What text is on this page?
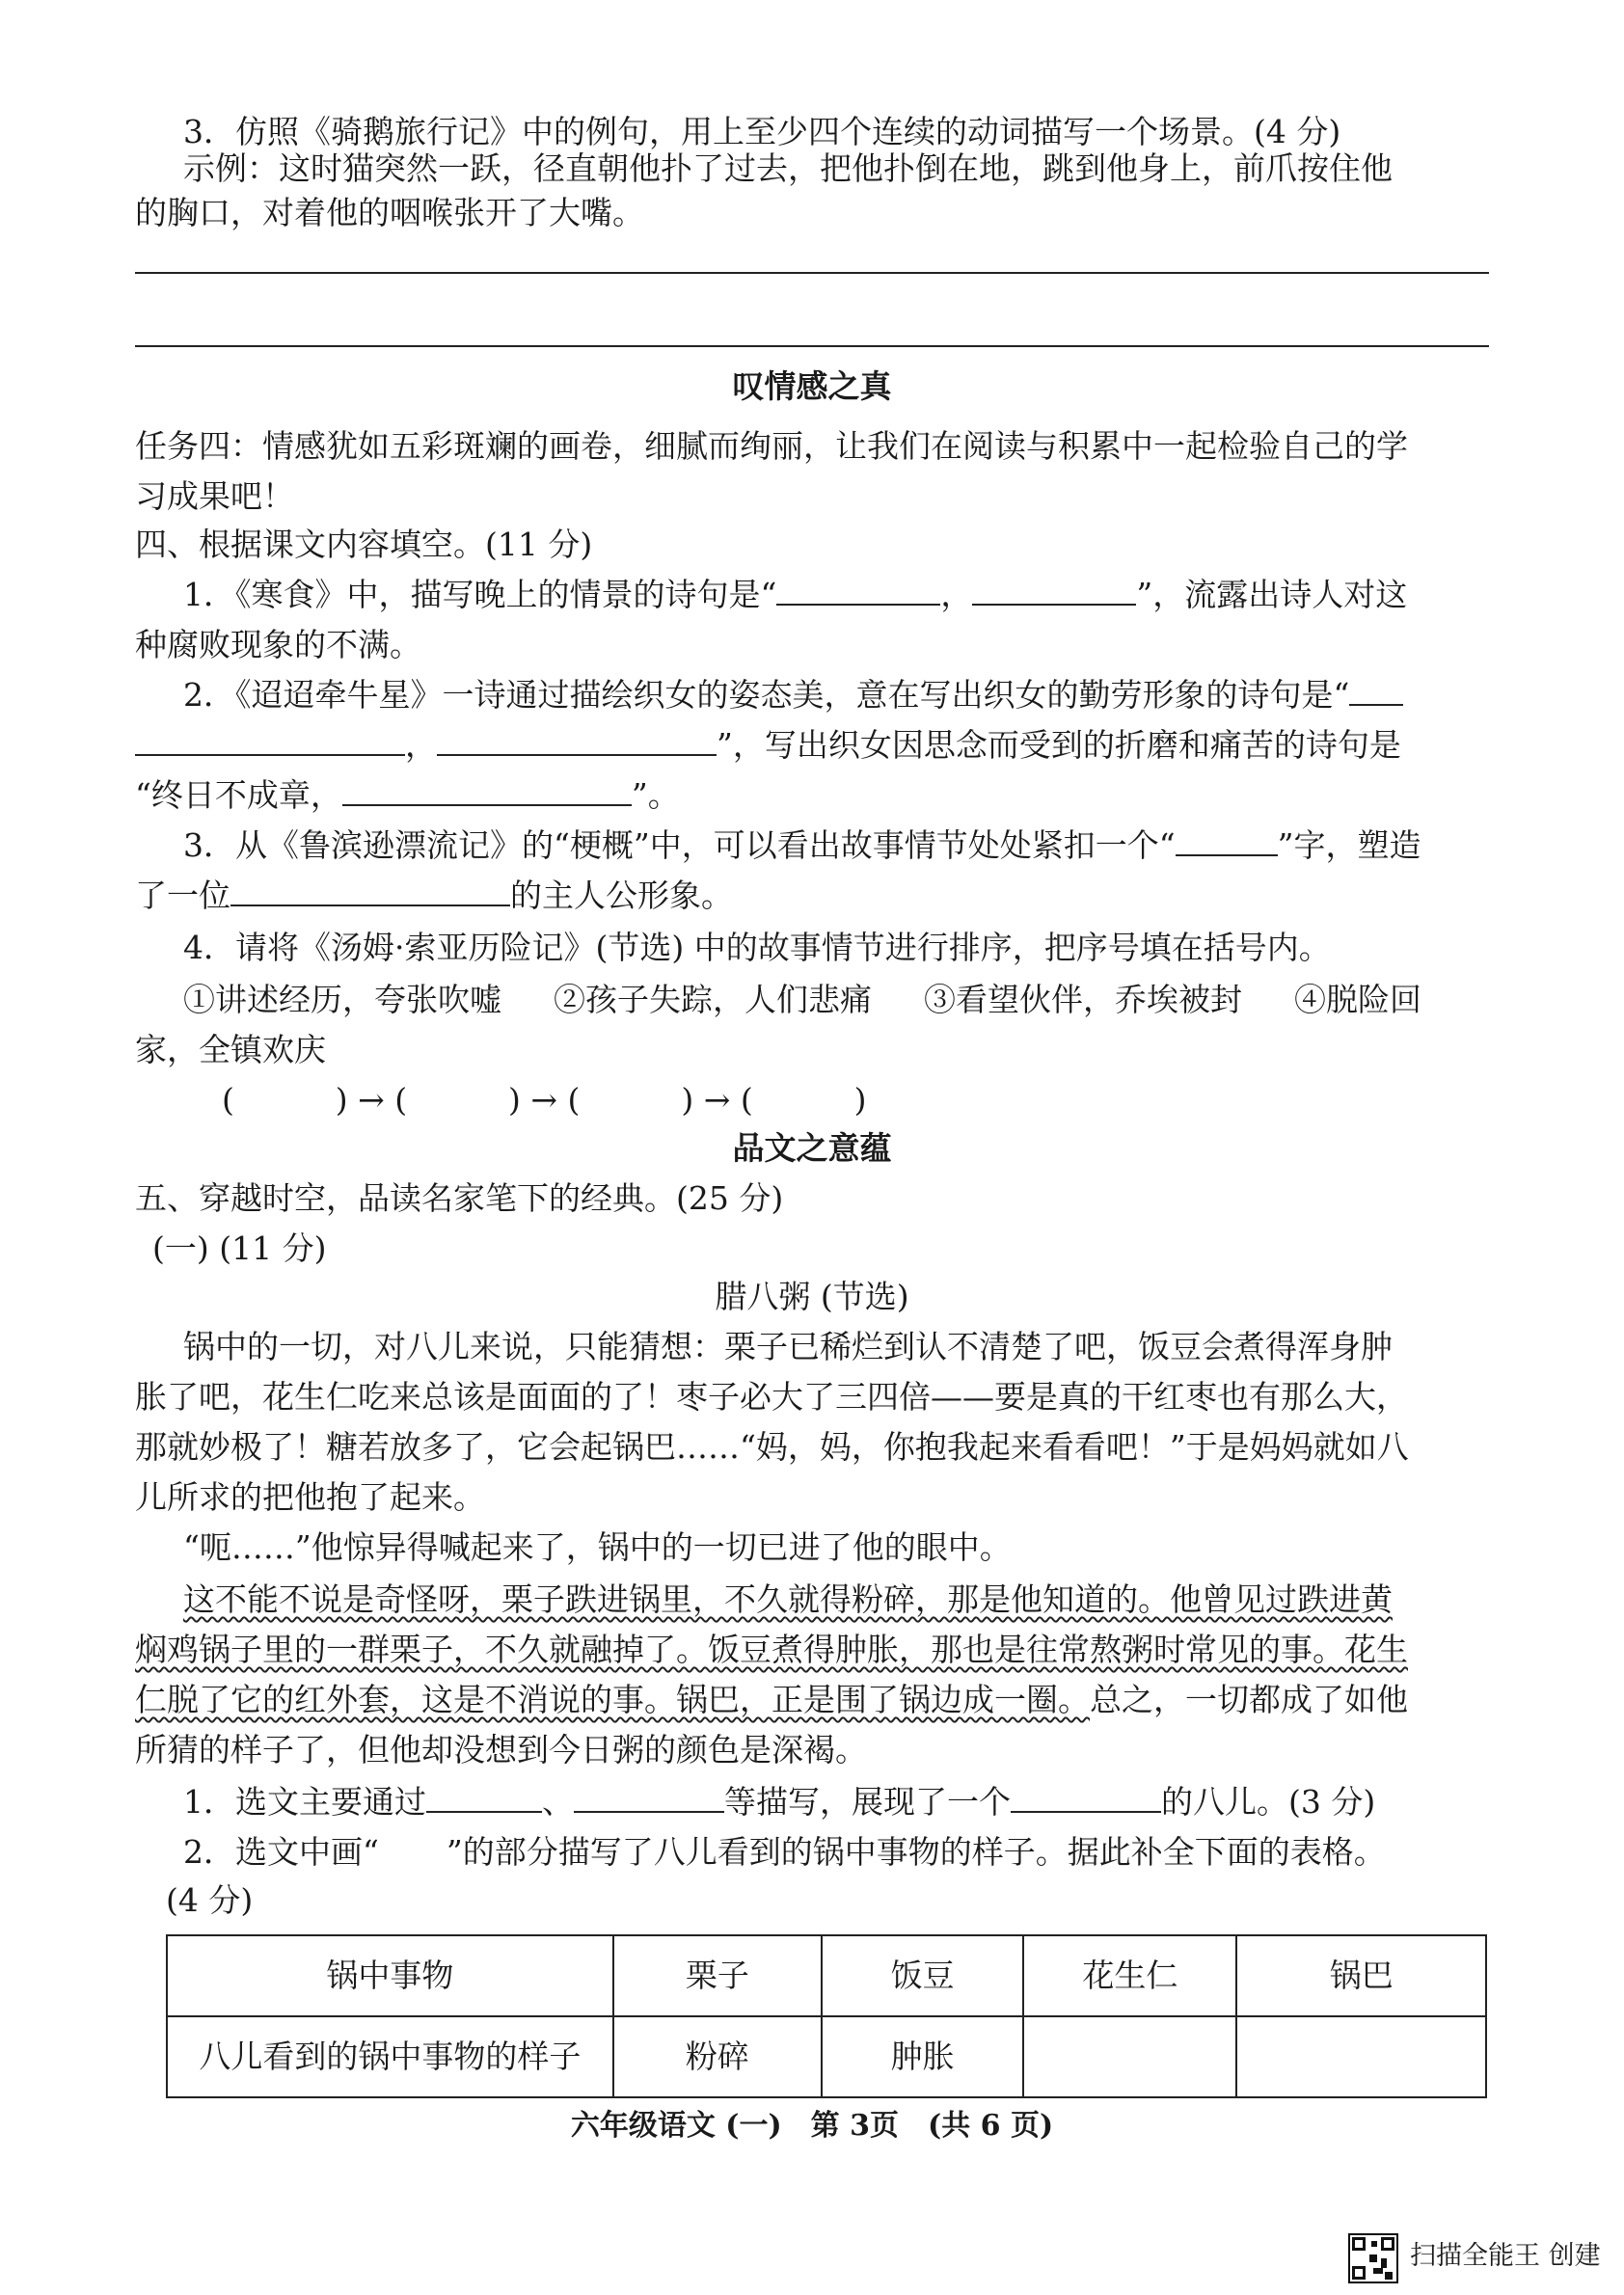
3．仿照《骑鹅旅行记》中的例句，用上至少四个连续的动词描写一个场景。(4 分)
示例：这时猫突然一跃，径直朝他扑了过去，把他扑倒在地，跳到他身上，前爪按住他
的胸口，对着他的咽喉张开了大嘴。
叹情感之真
任务四：情感犹如五彩斑斓的画卷，细腻而绚丽，让我们在阅读与积累中一起检验自己的学
习成果吧！
四、根据课文内容填空。(11 分)
1．《寒食》中，描写晚上的情景的诗句是“	，	”，流露出诗人对这
种腐败现象的不满。
2．《迢迢牵牛星》一诗通过描绘织女的姿态美，意在写出织女的勤劳形象的诗句是“
，	”，写出织女因思念而受到的折磨和痛苦的诗句是
“终日不成章，	”。
3．从《鲁滨逊漂流记》的“梗概”中，可以看出故事情节处处紧扣一个“	”字，塑造
了一位	的主人公形象。
4．请将《汤姆·索亚历险记》(节选) 中的故事情节进行排序，把序号填在括号内。
①讲述经历，夸张吹嘘 ②孩子失踪，人们悲痛 ③看望伙伴，乔埃被封 ④脱险回
家，全镇欢庆
(          ) → (          ) → (          ) → (          )
品文之意蕴
五、穿越时空，品读名家笔下的经典。(25 分)
(一) (11 分)
腊八粥 (节选)
锅中的一切，对八儿来说，只能猜想：栗子已稀烂到认不清楚了吧，饭豆会煮得浑身肿
胀了吧，花生仁吃来总该是面面的了！枣子必大了三四倍——要是真的干红枣也有那么大，
那就妙极了！糖若放多了，它会起锅巴……“妈，妈，你抱我起来看看吧！”于是妈妈就如八
儿所求的把他抱了起来。
“呃……”他惊异得喊起来了，锅中的一切已进了他的眼中。
这不能不说是奇怪呀，栗子跌进锅里，不久就得粉碎，那是他知道的。他曾见过跌进黄
焖鸡锅子里的一群栗子，不久就融掉了。饭豆煮得肿胀，那也是往常熬粥时常见的事。花生
仁脱了它的红外套，这是不消说的事。锅巴，正是围了锅边成一圈。总之，一切都成了如他
所猜的样子了，但他却没想到今日粥的颜色是深褐。
1．选文主要通过	、	等描写，展现了一个	的八儿。(3 分)
2．选文中画“ ”的部分描写了八儿看到的锅中事物的样子。据此补全下面的表格。
(4 分)
锅中事物	栗子	饭豆	花生仁	锅巴
八儿看到的锅中事物的样子	粉碎	肿胀		
六年级语文 (一)　第 3页　(共 6 页)
扫描全能王 创建
